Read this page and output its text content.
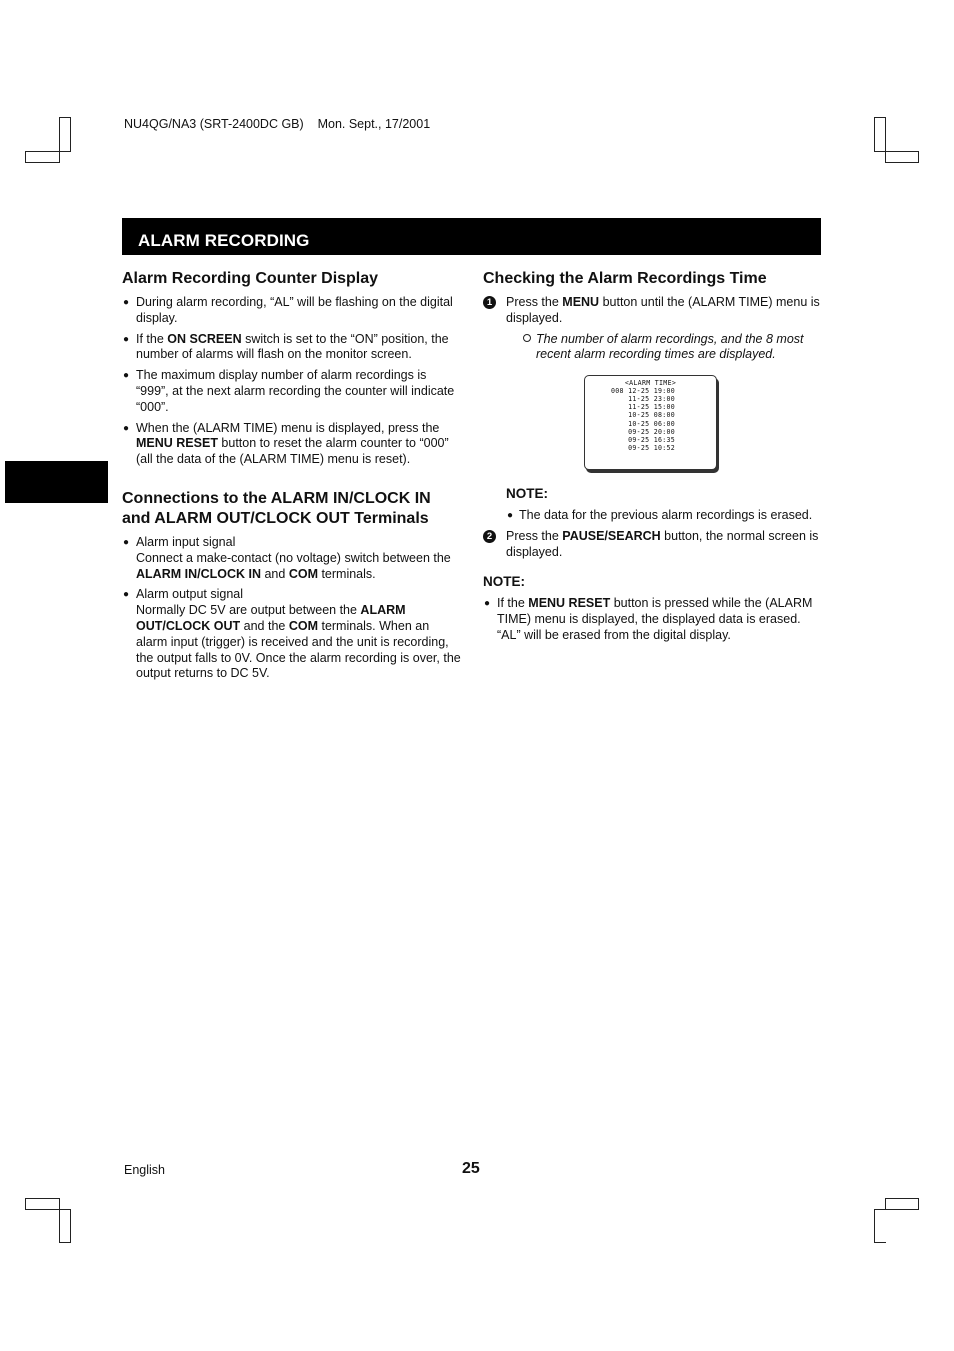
NU4QG/NA3 (SRT-2400DC GB)    Mon. Sept., 17/2001
ALARM RECORDING
Alarm Recording Counter Display
● During alarm recording, “AL” will be flashing on the digital display.
● If the ON SCREEN switch is set to the “ON” position, the number of alarms will flash on the monitor screen.
● The maximum display number of alarm recordings is “999”, at the next alarm recording the counter will indicate “000”.
● When the (ALARM TIME) menu is displayed, press the MENU RESET button to reset the alarm counter to “000” (all the data of the (ALARM TIME) menu is reset).
Connections to the ALARM IN/CLOCK IN and ALARM OUT/CLOCK OUT Terminals
● Alarm input signal
Connect a make-contact (no voltage) switch between the ALARM IN/CLOCK IN and COM terminals.
● Alarm output signal
Normally DC 5V are output between the ALARM OUT/CLOCK OUT and the COM terminals. When an alarm input (trigger) is received and the unit is recording, the output falls to 0V. Once the alarm recording is over, the output returns to DC 5V.
Checking the Alarm Recordings Time
1	Press the MENU button until the (ALARM TIME) menu is displayed.
The number of alarm recordings, and the 8 most recent alarm recording times are displayed.
<ALARM TIME>
008 12-25 19:00
11-25 23:00
11-25 15:00
10-25 08:00
10-25 06:00
09-25 20:00
09-25 16:35
09-25 10:52
NOTE:
● The data for the previous alarm recordings is erased.
2	Press the PAUSE/SEARCH button, the normal screen is displayed.
NOTE:
● If the MENU RESET button is pressed while the (ALARM TIME) menu is displayed, the displayed data is erased.
“AL” will be erased from the digital display.
English	25
